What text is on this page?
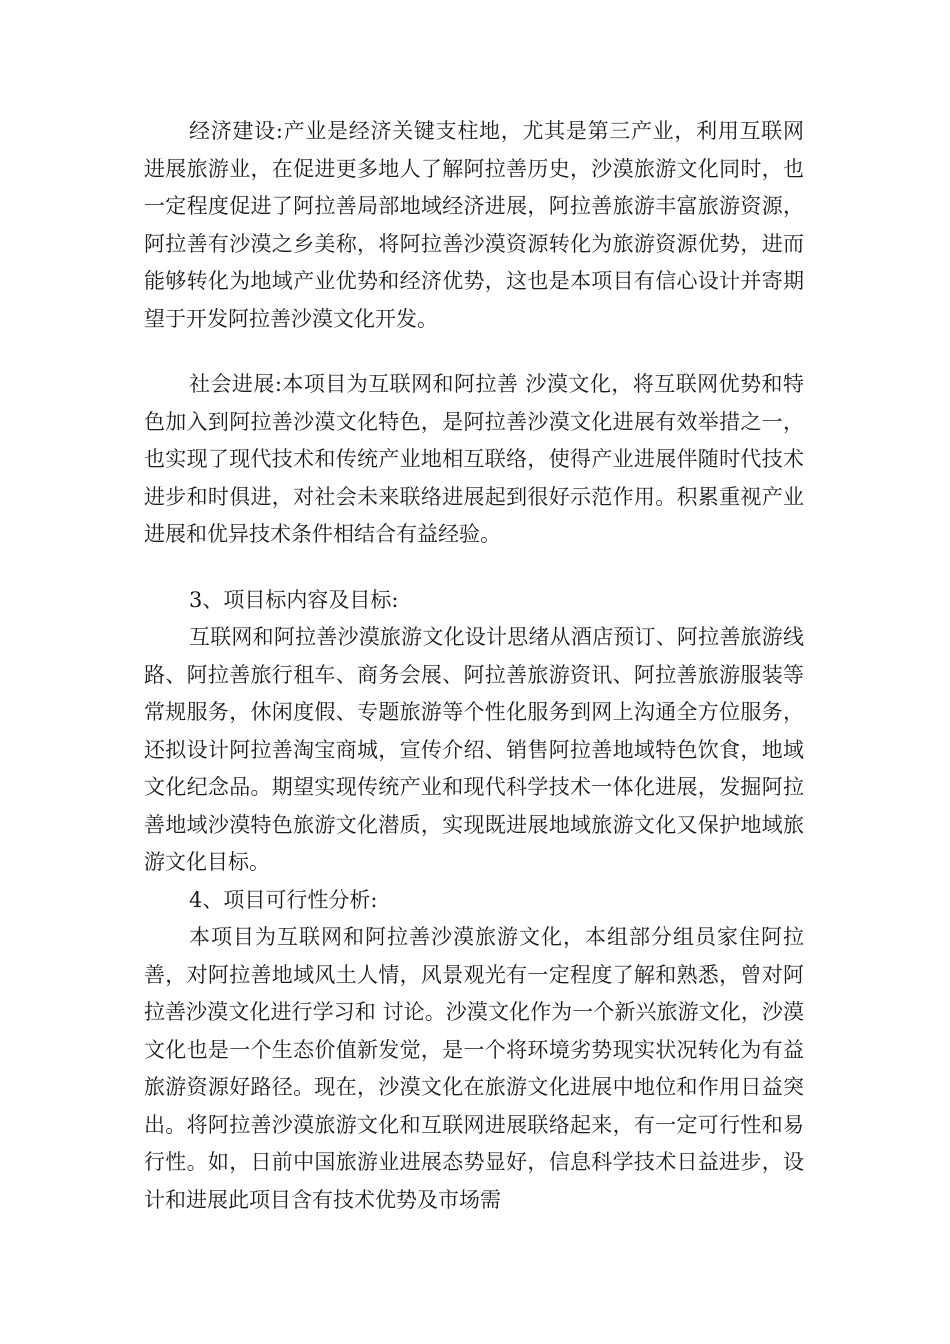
经济建设:产业是经济关键支柱地，尤其是第三产业，利用互联网进展旅游业，在促进更多地人了解阿拉善历史，沙漠旅游文化同时，也一定程度促进了阿拉善局部地域经济进展，阿拉善旅游丰富旅游资源，阿拉善有沙漠之乡美称，将阿拉善沙漠资源转化为旅游资源优势，进而能够转化为地域产业优势和经济优势，这也是本项目有信心设计并寄期望于开发阿拉善沙漠文化开发。

社会进展:本项目为互联网和阿拉善 沙漠文化，将互联网优势和特色加入到阿拉善沙漠文化特色，是阿拉善沙漠文化进展有效举措之一，也实现了现代技术和传统产业地相互联络，使得产业进展伴随时代技术进步和时俱进，对社会未来联络进展起到很好示范作用。积累重视产业进展和优异技术条件相结合有益经验。

3、项目标内容及目标:

互联网和阿拉善沙漠旅游文化设计思绪从酒店预订、阿拉善旅游线路、阿拉善旅行租车、商务会展、阿拉善旅游资讯、阿拉善旅游服装等常规服务，休闲度假、专题旅游等个性化服务到网上沟通全方位服务，还拟设计阿拉善淘宝商城，宣传介绍、销售阿拉善地域特色饮食，地域文化纪念品。期望实现传统产业和现代科学技术一体化进展，发掘阿拉善地域沙漠特色旅游文化潜质，实现既进展地域旅游文化又保护地域旅游文化目标。

4、项目可行性分析:

本项目为互联网和阿拉善沙漠旅游文化，本组部分组员家住阿拉善，对阿拉善地域风土人情，风景观光有一定程度了解和熟悉，曾对阿拉善沙漠文化进行学习和 讨论。沙漠文化作为一个新兴旅游文化，沙漠文化也是一个生态价值新发觉，是一个将环境劣势现实状况转化为有益旅游资源好路径。现在，沙漠文化在旅游文化进展中地位和作用日益突出。将阿拉善沙漠旅游文化和互联网进展联络起来，有一定可行性和易行性。如，日前中国旅游业进展态势显好，信息科学技术日益进步，设计和进展此项目含有技术优势及市场需
